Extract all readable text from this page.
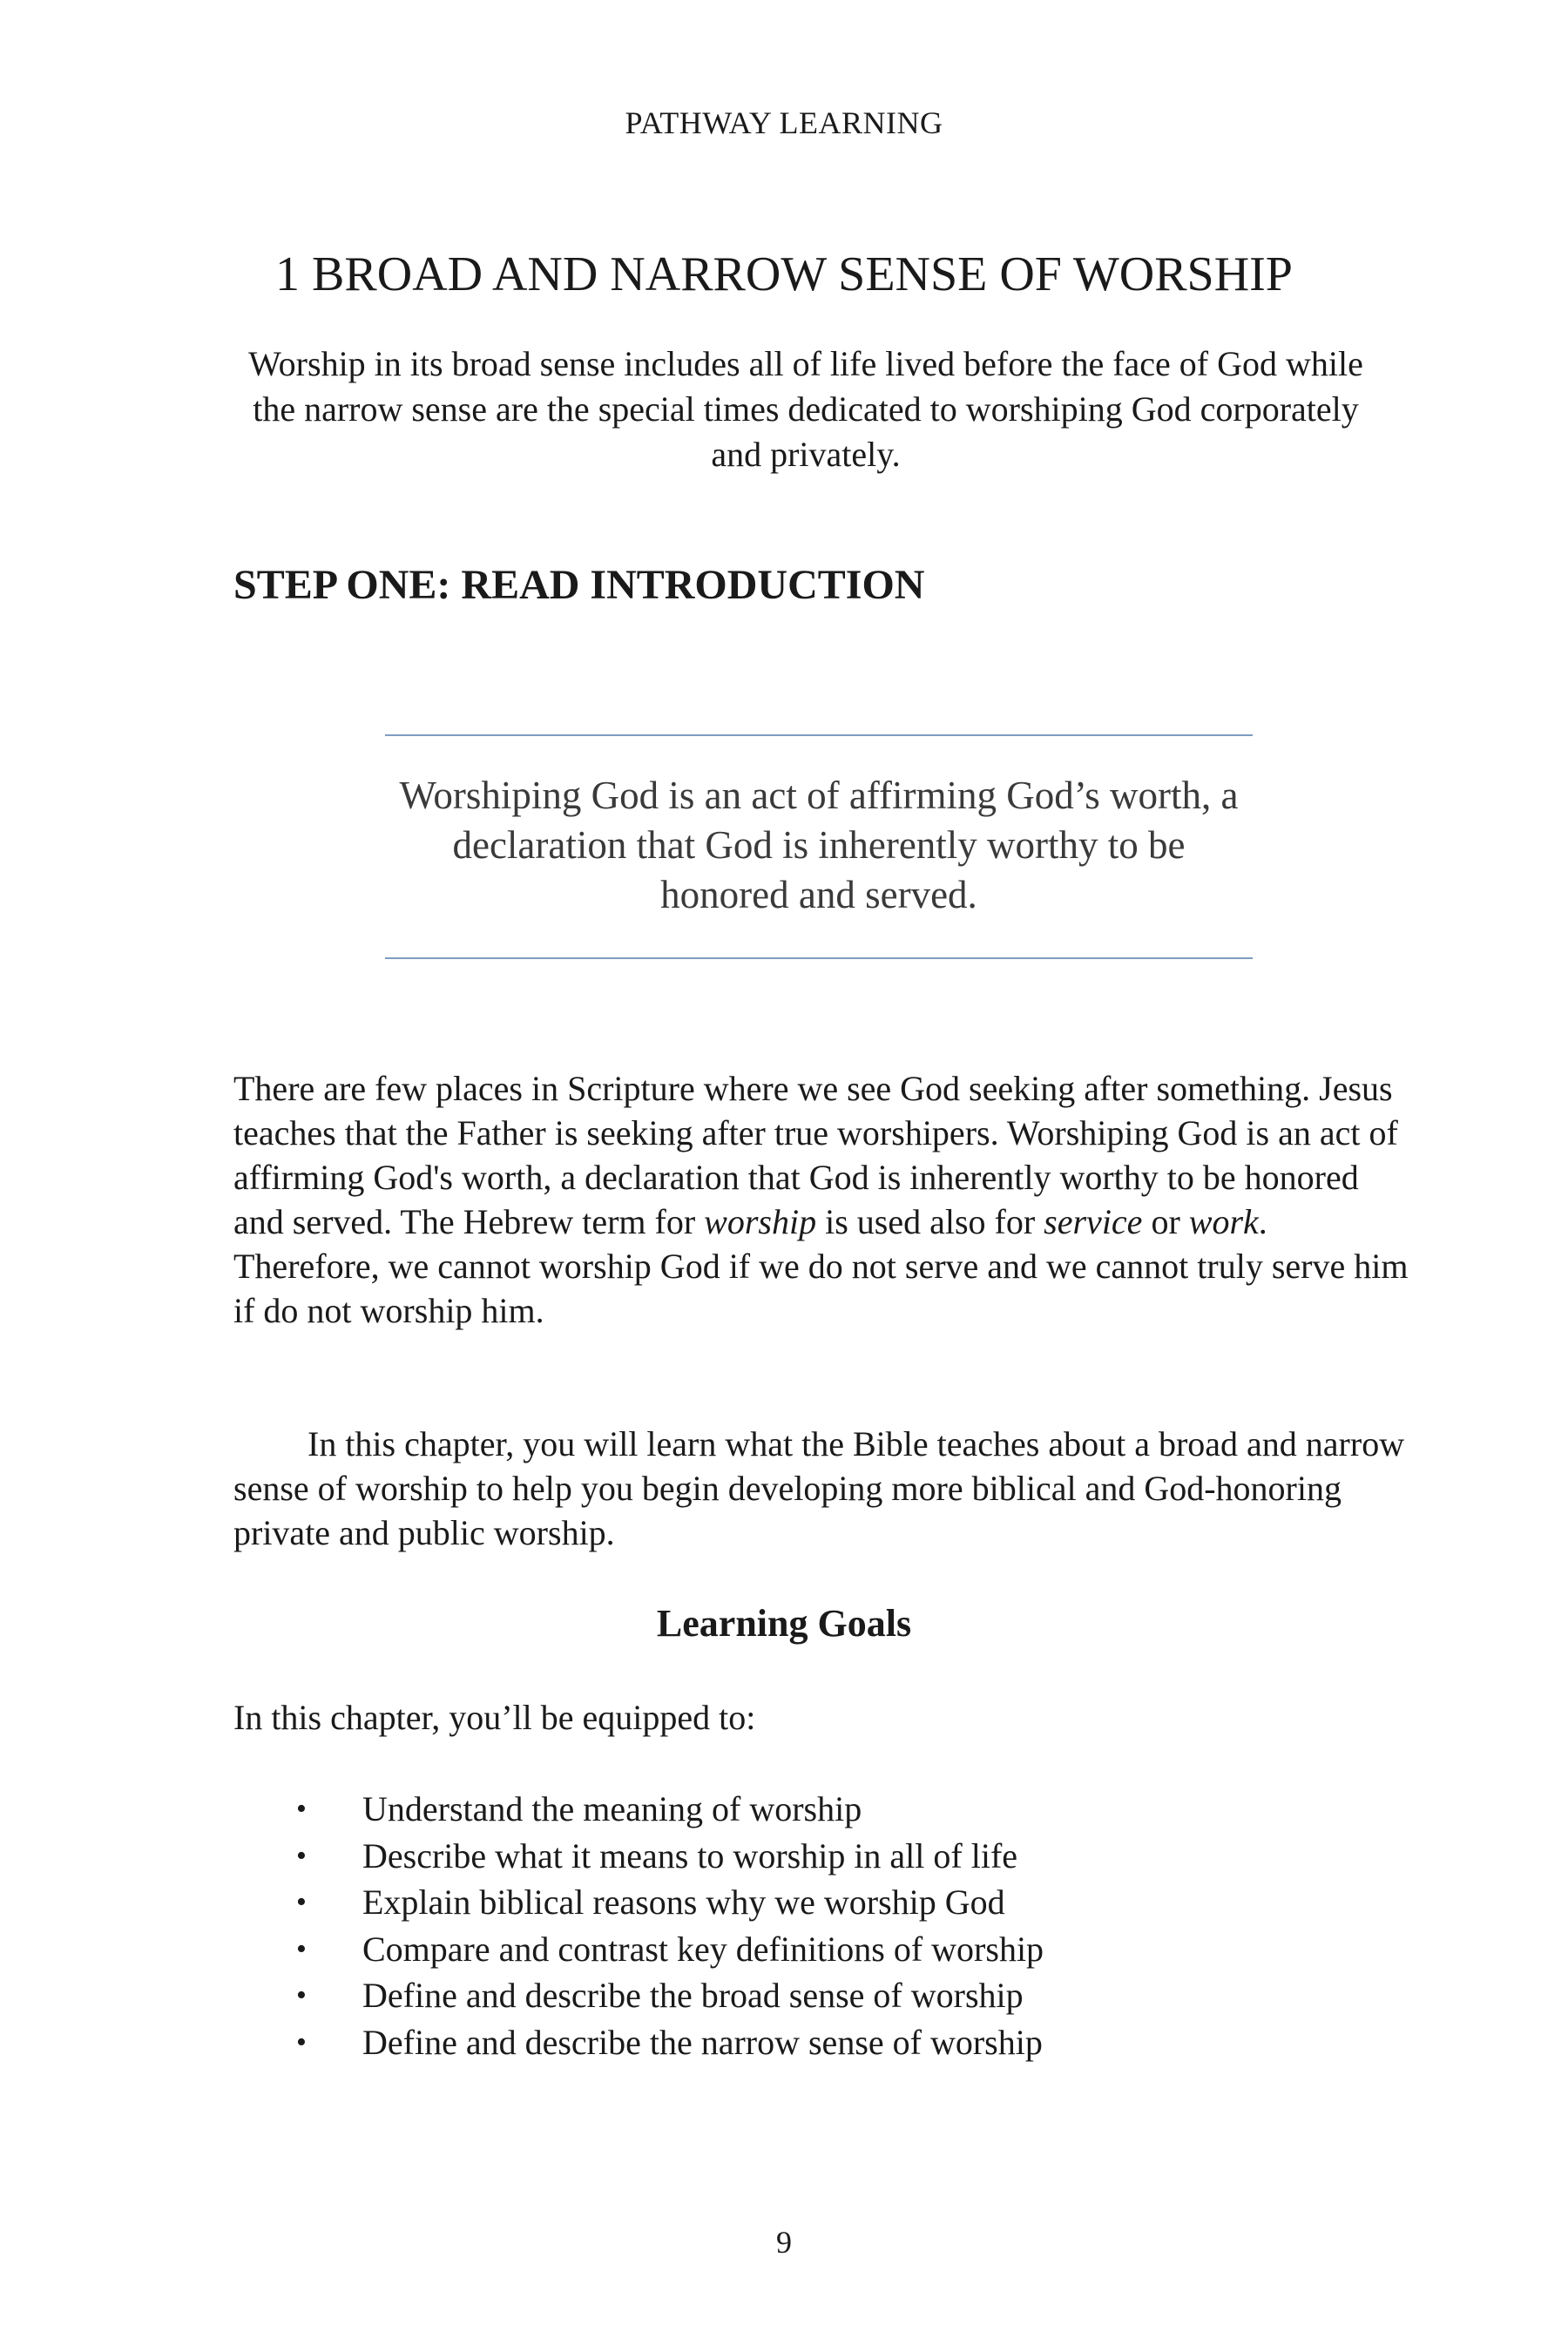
PATHWAY LEARNING
1 BROAD AND NARROW SENSE OF WORSHIP

Worship in its broad sense includes all of life lived before the face of God while the narrow sense are the special times dedicated to worshiping God corporately and privately.

STEP ONE: READ INTRODUCTION

Worshiping God is an act of affirming God’s worth, a declaration that God is inherently worthy to be honored and served.

There are few places in Scripture where we see God seeking after something. Jesus teaches that the Father is seeking after true worshipers. Worshiping God is an act of affirming God's worth, a declaration that God is inherently worthy to be honored and served. The Hebrew term for worship is used also for service or work. Therefore, we cannot worship God if we do not serve and we cannot truly serve him if do not worship him.

In this chapter, you will learn what the Bible teaches about a broad and narrow sense of worship to help you begin developing more biblical and God-honoring private and public worship.

Learning Goals

In this chapter, you’ll be equipped to:

• Understand the meaning of worship
• Describe what it means to worship in all of life
• Explain biblical reasons why we worship God
• Compare and contrast key definitions of worship
• Define and describe the broad sense of worship
• Define and describe the narrow sense of worship
9
